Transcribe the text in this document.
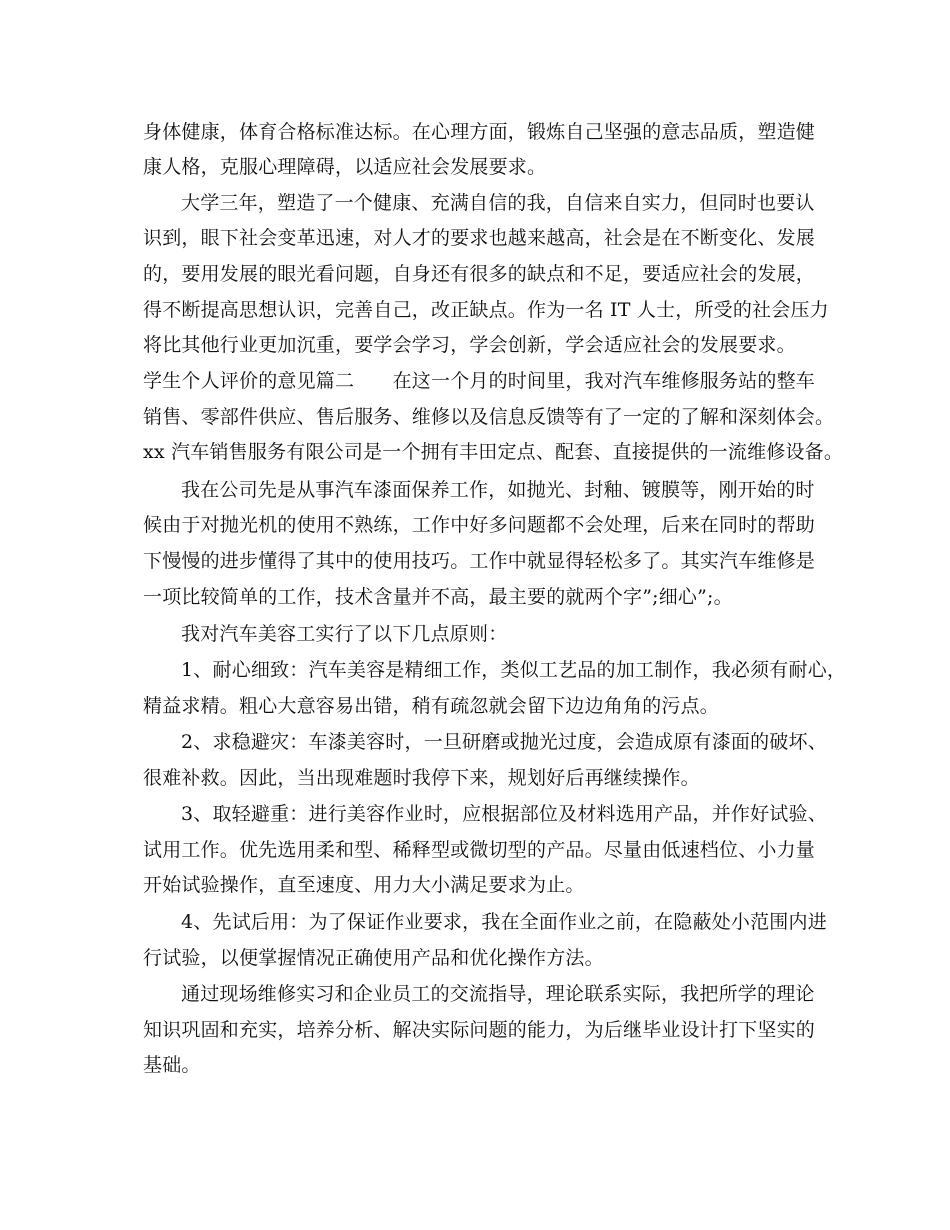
身体健康，体育合格标准达标。在心理方面，锻炼自己坚强的意志品质，塑造健
康人格，克服心理障碍，以适应社会发展要求。
大学三年，塑造了一个健康、充满自信的我，自信来自实力，但同时也要认
识到，眼下社会变革迅速，对人才的要求也越来越高，社会是在不断变化、发展
的，要用发展的眼光看问题，自身还有很多的缺点和不足，要适应社会的发展，
得不断提高思想认识，完善自己，改正缺点。作为一名 IT 人士，所受的社会压力
将比其他行业更加沉重，要学会学习，学会创新，学会适应社会的发展要求。
学生个人评价的意见篇二　　在这一个月的时间里，我对汽车维修服务站的整车
销售、零部件供应、售后服务、维修以及信息反馈等有了一定的了解和深刻体会。
xx 汽车销售服务有限公司是一个拥有丰田定点、配套、直接提供的一流维修设备。
我在公司先是从事汽车漆面保养工作，如抛光、封釉、镀膜等，刚开始的时
候由于对抛光机的使用不熟练，工作中好多问题都不会处理，后来在同时的帮助
下慢慢的进步懂得了其中的使用技巧。工作中就显得轻松多了。其实汽车维修是
一项比较简单的工作，技术含量并不高，最主要的就两个字”;细心”;。
我对汽车美容工实行了以下几点原则：
1、耐心细致：汽车美容是精细工作，类似工艺品的加工制作，我必须有耐心，
精益求精。粗心大意容易出错，稍有疏忽就会留下边边角角的污点。
2、求稳避灾：车漆美容时，一旦研磨或抛光过度，会造成原有漆面的破坏、
很难补救。因此，当出现难题时我停下来，规划好后再继续操作。
3、取轻避重：进行美容作业时，应根据部位及材料选用产品，并作好试验、
试用工作。优先选用柔和型、稀释型或微切型的产品。尽量由低速档位、小力量
开始试验操作，直至速度、用力大小满足要求为止。
4、先试后用：为了保证作业要求，我在全面作业之前，在隐蔽处小范围内进
行试验，以便掌握情况正确使用产品和优化操作方法。
通过现场维修实习和企业员工的交流指导，理论联系实际，我把所学的理论
知识巩固和充实，培养分析、解决实际问题的能力，为后继毕业设计打下坚实的
基础。
